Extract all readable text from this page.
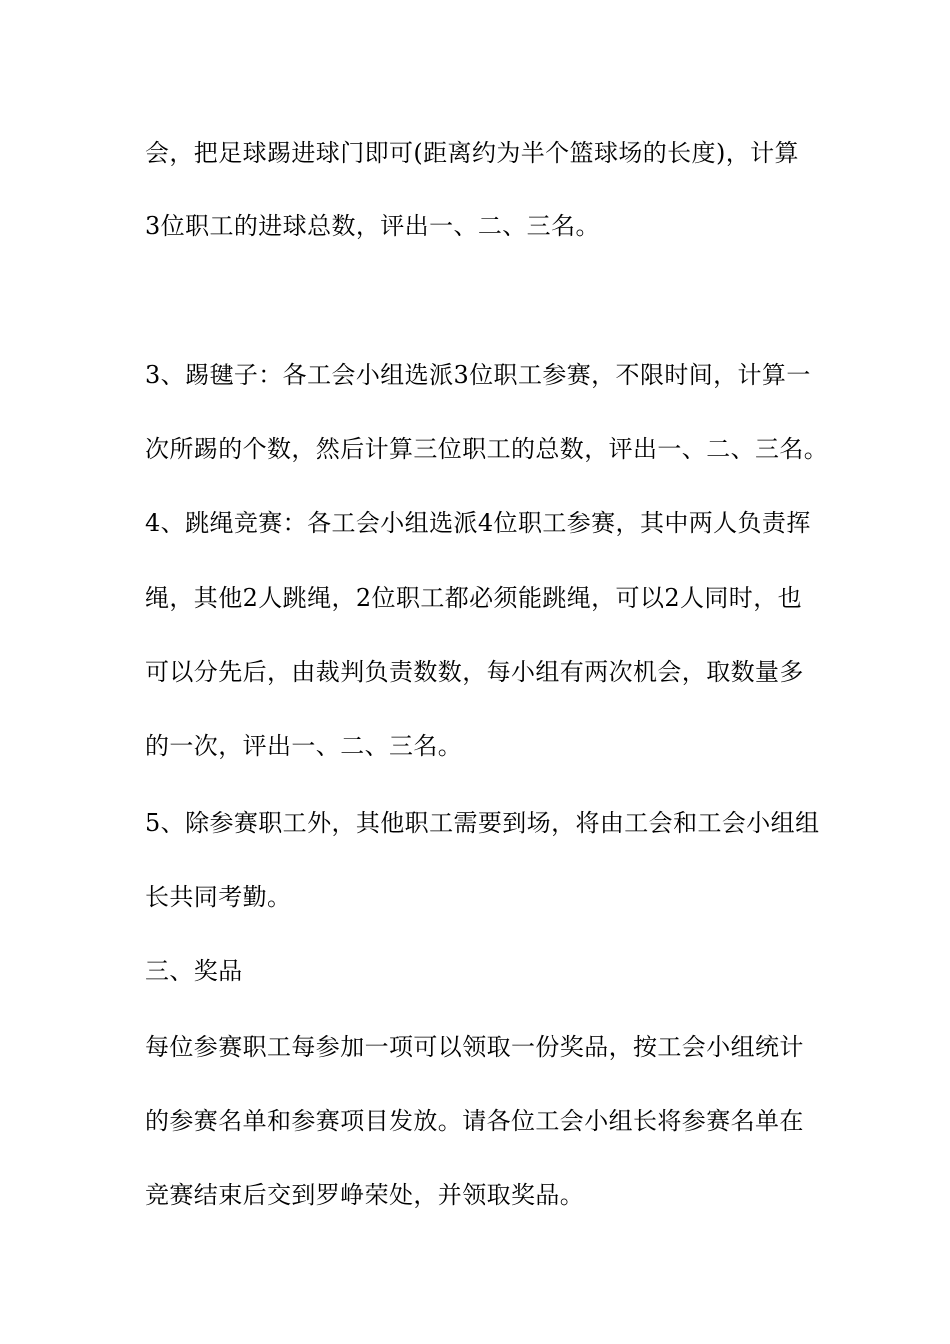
会，把足球踢进球门即可(距离约为半个篮球场的长度)，计算
3位职工的进球总数，评出一、二、三名。
3、踢毽子：各工会小组选派3位职工参赛，不限时间，计算一
次所踢的个数，然后计算三位职工的总数，评出一、二、三名。
4、跳绳竞赛：各工会小组选派4位职工参赛，其中两人负责挥
绳，其他2人跳绳，2位职工都必须能跳绳，可以2人同时，也
可以分先后，由裁判负责数数，每小组有两次机会，取数量多
的一次，评出一、二、三名。
5、除参赛职工外，其他职工需要到场，将由工会和工会小组组
长共同考勤。
三、奖品
每位参赛职工每参加一项可以领取一份奖品，按工会小组统计
的参赛名单和参赛项目发放。请各位工会小组长将参赛名单在
竞赛结束后交到罗峥荣处，并领取奖品。
